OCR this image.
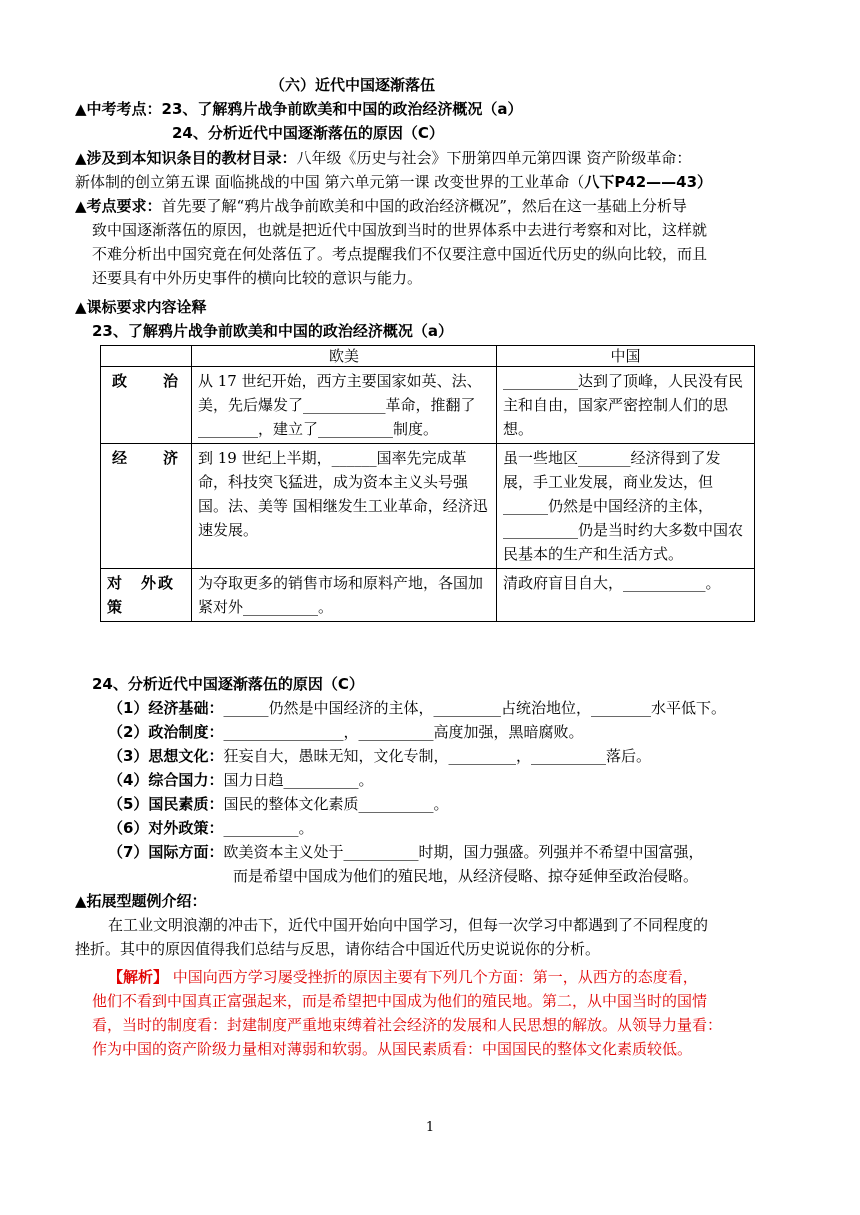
（六）近代中国逐渐落伍
▲中考考点：23、了解鸦片战争前欧美和中国的政治经济概况（a）
24、分析近代中国逐渐落伍的原因（C）
▲涉及到本知识条目的教材目录：八年级《历史与社会》下册第四单元第四课 资产阶级革命：
新体制的创立第五课 面临挑战的中国 第六单元第一课 改变世界的工业革命（八下P42——43）
▲考点要求：首先要了解“鸦片战争前欧美和中国的政治经济概况”，然后在这一基础上分析导
致中国逐渐落伍的原因，也就是把近代中国放到当时的世界体系中去进行考察和对比，这样就
不难分析出中国究竟在何处落伍了。考点提醒我们不仅要注意中国近代历史的纵向比较，而且
还要具有中外历史事件的横向比较的意识与能力。
▲课标要求内容诠释
23、了解鸦片战争前欧美和中国的政治经济概况（a）
	欧美	中国
政　　治	从 17 世纪开始，西方主要国家如英、法、美，先后爆发了___________革命，推翻了________，建立了__________制度。	__________达到了顶峰，人民没有民主和自由，国家严密控制人们的思想。
经　　济	到 19 世纪上半期，______国率先完成革命，科技突飞猛进，成为资本主义头号强国。法、美等 国相继发生工业革命，经济迅速发展。	虽一些地区_______经济得到了发展，手工业发展，商业发达，但______仍然是中国经济的主体，__________仍是当时约大多数中国农民基本的生产和生活方式。
对　外政　策	为夺取更多的销售市场和原料产地，各国加紧对外__________。	清政府盲目自大，___________。
24、分析近代中国逐渐落伍的原因（C）
（1）经济基础：______仍然是中国经济的主体，_________占统治地位，________水平低下。
（2）政治制度：________________，__________高度加强，黑暗腐败。
（3）思想文化：狂妄自大，愚昧无知，文化专制，_________，__________落后。
（4）综合国力：国力日趋__________。
（5）国民素质：国民的整体文化素质__________。
（6）对外政策：__________。
（7）国际方面：欧美资本主义处于__________时期，国力强盛。列强并不希望中国富强，
而是希望中国成为他们的殖民地，从经济侵略、掠夺延伸至政治侵略。
▲拓展型题例介绍：
在工业文明浪潮的冲击下，近代中国开始向中国学习，但每一次学习中都遇到了不同程度的
挫折。其中的原因值得我们总结与反思，请你结合中国近代历史说说你的分析。
【解析】 中国向西方学习屡受挫折的原因主要有下列几个方面：第一，从西方的态度看，
他们不看到中国真正富强起来，而是希望把中国成为他们的殖民地。第二，从中国当时的国情
看，当时的制度看：封建制度严重地束缚着社会经济的发展和人民思想的解放。从领导力量看：
作为中国的资产阶级力量相对薄弱和软弱。从国民素质看：中国国民的整体文化素质较低。
1
